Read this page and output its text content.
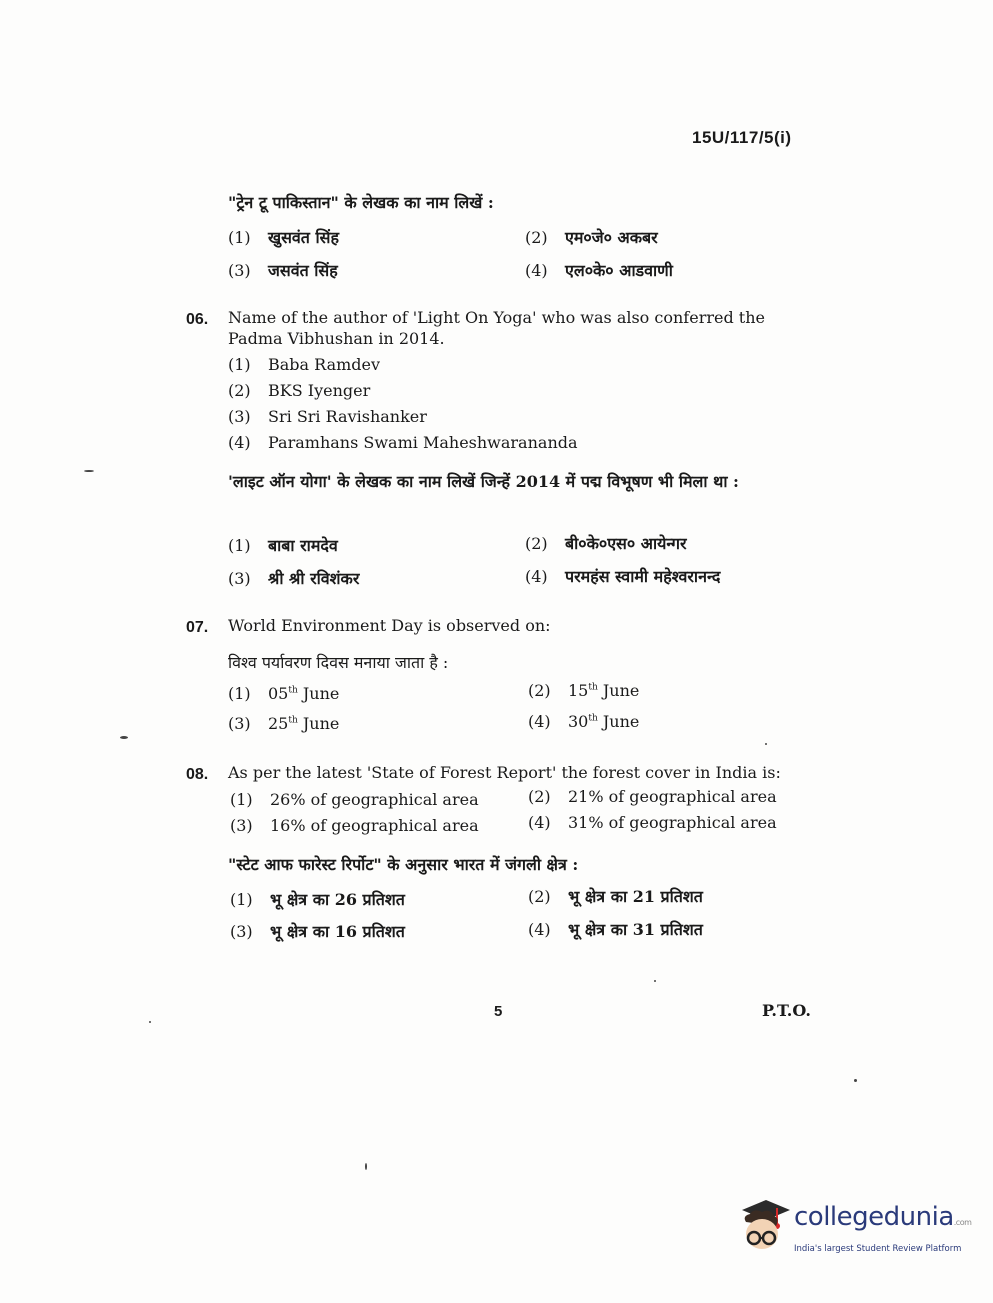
15U/117/5(i)
"ट्रेन टू पाकिस्तान" के लेखक का नाम लिखें :
(1) खुसवंत सिंह	(2) एम०जे० अकबर
(3) जसवंत सिंह	(4) एल०के० आडवाणी
06. Name of the author of 'Light On Yoga' who was also conferred the Padma Vibhushan in 2014.
(1) Baba Ramdev
(2) BKS Iyenger
(3) Sri Sri Ravishanker
(4) Paramhans Swami Maheshwarananda
'लाइट ऑन योगा' के लेखक का नाम लिखें जिन्हें 2014 में पद्म विभूषण भी मिला था :
(1) बाबा रामदेव	(2) बी०के०एस० आयेन्गर
(3) श्री श्री रविशंकर	(4) परमहंस स्वामी महेश्वरानन्द
07. World Environment Day is observed on:
विश्व पर्यावरण दिवस मनाया जाता है :
(1) 05th June	(2) 15th June
(3) 25th June	(4) 30th June
08. As per the latest 'State of Forest Report' the forest cover in India is:
(1) 26% of geographical area	(2) 21% of geographical area
(3) 16% of geographical area	(4) 31% of geographical area
"स्टेट आफ फारेस्ट रिर्पोट" के अनुसार भारत में जंगली क्षेत्र :
(1) भू क्षेत्र का 26 प्रतिशत	(2) भू क्षेत्र का 21 प्रतिशत
(3) भू क्षेत्र का 16 प्रतिशत	(4) भू क्षेत्र का 31 प्रतिशत
5	P.T.O.
collegedunia.com
India's largest Student Review Platform
